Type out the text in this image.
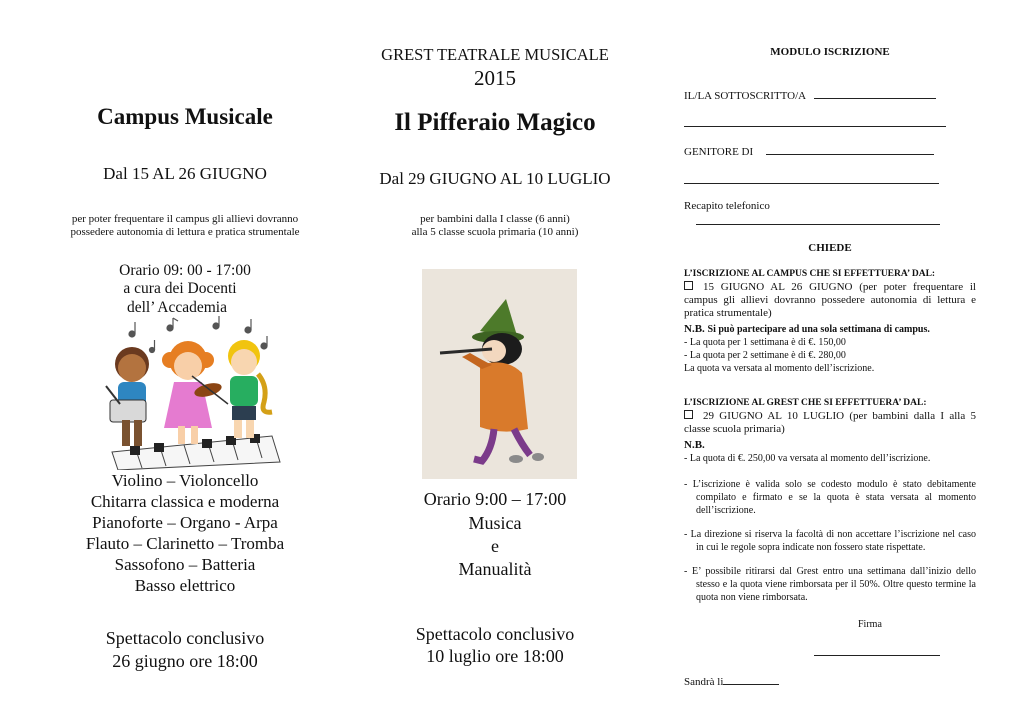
Campus Musicale

Dal 15 AL 26 GIUGNO

per poter frequentare il campus gli allievi dovranno

possedere autonomia di lettura e pratica strumentale

Orario 09: 00 - 17:00

a cura dei Docenti

dell’ Accademia

Violino – Violoncello
Chitarra classica e moderna
Pianoforte – Organo - Arpa
Flauto – Clarinetto – Tromba
Sassofono – Batteria
Basso elettrico

Spettacolo conclusivo

26 giugno ore 18:00

GREST TEATRALE MUSICALE

2015

Il Pifferaio Magico

Dal 29 GIUGNO AL 10 LUGLIO

per bambini dalla I classe (6 anni)

alla 5 classe scuola primaria (10 anni)

Orario 9:00 – 17:00

Musica
e
Manualità

Spettacolo conclusivo

10 luglio ore 18:00

MODULO ISCRIZIONE
IL/LA SOTTOSCRITTO/A
GENITORE DI
Recapito telefonico
CHIEDE
L’ISCRIZIONE AL CAMPUS CHE SI EFFETTUERA’ DAL:
15 GIUGNO AL 26 GIUGNO (per poter frequentare il campus gli allievi dovranno possedere autonomia di lettura e pratica strumentale)
N.B. Si può partecipare ad una sola settimana di campus.
- La quota per 1 settimana è di €. 150,00
- La quota per 2 settimane è di €. 280,00
La quota va versata al momento dell’iscrizione.
L’ISCRIZIONE AL GREST CHE SI EFFETTUERA’ DAL:
29 GIUGNO AL 10 LUGLIO (per bambini dalla I alla 5 classe scuola primaria)
N.B.
- La quota di €. 250,00 va versata al momento dell’iscrizione.
- L’iscrizione è valida solo se codesto modulo è stato debitamente compilato e firmato e se la quota è stata versata al momento dell’iscrizione.
- La direzione si riserva la facoltà di non accettare l’iscrizione nel caso in cui le regole sopra indicate non fossero state rispettate.
- E’ possibile ritirarsi dal Grest entro una settimana dall’inizio dello stesso e la quota viene rimborsata per il 50%. Oltre questo termine la quota non viene rimborsata.
Firma
Sandrà li
